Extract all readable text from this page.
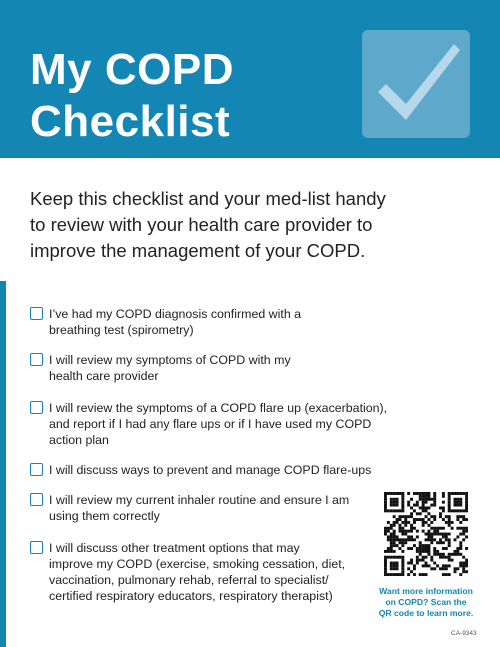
My COPD
Checklist

Keep this checklist and your med-list handy
to review with your health care provider to
improve the management of your COPD.

I’ve had my COPD diagnosis confirmed with a
breathing test (spirometry)
I will review my symptoms of COPD with my
health care provider
I will review the symptoms of a COPD flare up (exacerbation),
and report if I had any flare ups or if I have used my COPD
action plan
I will discuss ways to prevent and manage COPD flare-ups
I will review my current inhaler routine and ensure I am
using them correctly
I will discuss other treatment options that may
improve my COPD (exercise, smoking cessation, diet,
vaccination, pulmonary rehab, referral to specialist/
certified respiratory educators, respiratory therapist)	Want more information
on COPD? Scan the
QR code to learn more.
CA-9343
